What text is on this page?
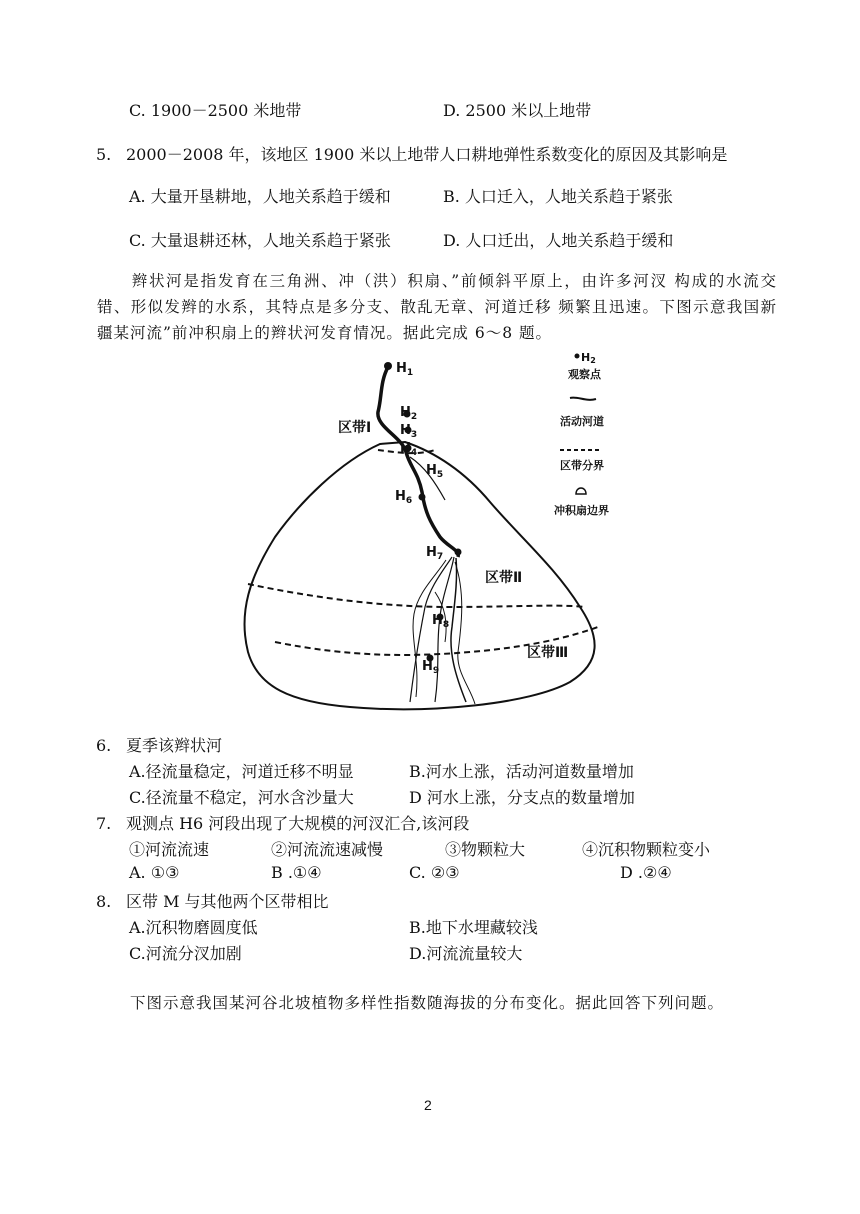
C. 1900－2500 米地带	D. 2500 米以上地带
5. 2000－2008 年，该地区 1900 米以上地带人口耕地弹性系数变化的原因及其影响是
A. 大量开垦耕地，人地关系趋于缓和	B. 人口迁入，人地关系趋于紧张
C. 大量退耕还林，人地关系趋于紧张	D. 人口迁出，人地关系趋于缓和
辫状河是指发育在三角洲、冲（洪）积扇、”前倾斜平原上，由许多河汊 构成的水流交错、形似发辫的水系，其特点是多分支、散乱无章、河道迁移 频繁且迅速。下图示意我国新疆某河流”前冲积扇上的辫状河发育情况。据此完成 6～8 题。
$H_1$
$H_2$
$H_3$
$H_4$
$H_5$
$H_6$
$H_7$
$H_8$
$H_9$
区带Ⅰ
区带Ⅱ
区带Ⅲ
H2
观察点
活动河道
区带分界
冲积扇边界
6. 夏季该辫状河
A.径流量稳定，河道迁移不明显	B.河水上涨，活动河道数量增加
C.径流量不稳定，河水含沙量大	D 河水上涨，分支点的数量增加
7. 观测点 H6 河段出现了大规模的河汊汇合,该河段
①河流流速	②河流流速减慢	③物颗粒大	④沉积物颗粒变小
A. ①③	B .①④	C. ②③	D .②④
8. 区带 M 与其他两个区带相比
A.沉积物磨圆度低	B.地下水埋藏较浅
C.河流分汊加剧	D.河流流量较大
下图示意我国某河谷北坡植物多样性指数随海拔的分布变化。据此回答下列问题。
2
